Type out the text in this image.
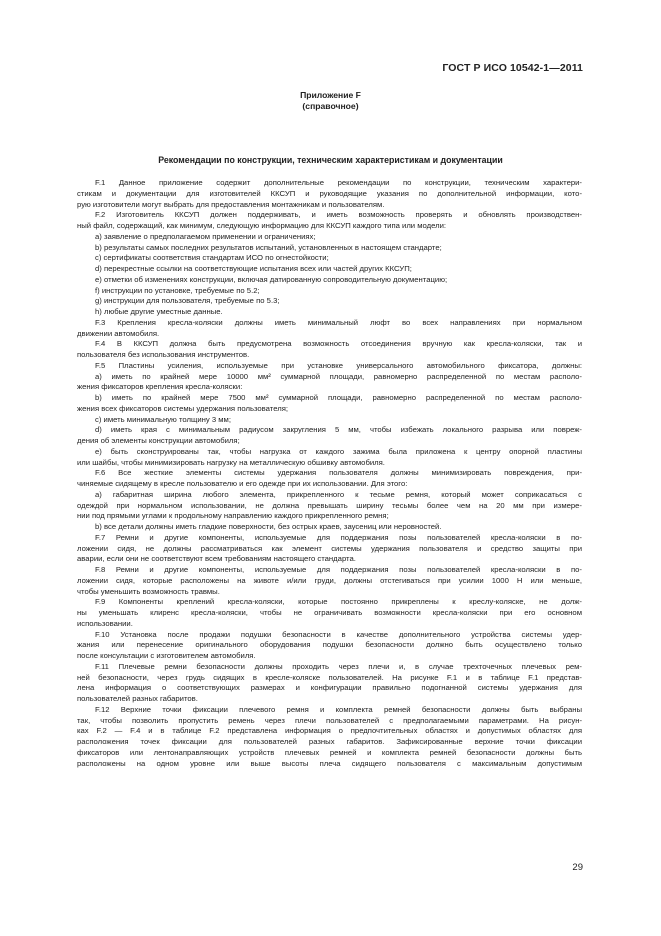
ГОСТ Р ИСО 10542-1—2011
Приложение F
(справочное)
Рекомендации по конструкции, техническим характеристикам и документации
F.1 Данное приложение содержит дополнительные рекомендации по конструкции, техническим характери-
стикам и документации для изготовителей ККСУП и руководящие указания по дополнительной информации, кото-
рую изготовители могут выбрать для предоставления монтажникам и пользователям.
F.2 Изготовитель ККСУП должен поддерживать, и иметь возможность проверять и обновлять производствен-
ный файл, содержащий, как минимум, следующую информацию для ККСУП каждого типа или модели:
a) заявление о предполагаемом применении и ограничениях;
b) результаты самых последних результатов испытаний, установленных в настоящем стандарте;
c) сертификаты соответствия стандартам ИСО по огнестойкости;
d) перекрестные ссылки на соответствующие испытания всех или частей других ККСУП;
e) отметки об изменениях конструкции, включая датированную сопроводительную документацию;
f) инструкции по установке, требуемые по 5.2;
g) инструкции для пользователя, требуемые по 5.3;
h) любые другие уместные данные.
F.3 Крепления кресла-коляски должны иметь минимальный люфт во всех направлениях при нормальном
движении автомобиля.
F.4 В ККСУП должна быть предусмотрена возможность отсоединения вручную как кресла-коляски, так и
пользователя без использования инструментов.
F.5 Пластины усиления, используемые при установке универсального автомобильного фиксатора, должны:
a) иметь по крайней мере 10000 мм² суммарной площади, равномерно распределенной по местам располо-
жения фиксаторов крепления кресла-коляски:
b) иметь по крайней мере 7500 мм² суммарной площади, равномерно распределенной по местам располо-
жения всех фиксаторов системы удержания пользователя;
c) иметь минимальную толщину 3 мм;
d) иметь края с минимальным радиусом закругления 5 мм, чтобы избежать локального разрыва или повреж-
дения об элементы конструкции автомобиля;
e) быть сконструированы так, чтобы нагрузка от каждого зажима была приложена к центру опорной пластины
или шайбы, чтобы минимизировать нагрузку на металлическую обшивку автомобиля.
F.6 Все жесткие элементы системы удержания пользователя должны минимизировать повреждения, при-
чиняемые сидящему в кресле пользователю и его одежде при их использовании. Для этого:
a) габаритная ширина любого элемента, прикрепленного к тесьме ремня, который может соприкасаться с
одеждой при нормальном использовании, не должна превышать ширину тесьмы более чем на 20 мм при измере-
нии под прямыми углами к продольному направлению каждого прикрепленного ремня;
b) все детали должны иметь гладкие поверхности, без острых краев, заусениц или неровностей.
F.7 Ремни и другие компоненты, используемые для поддержания позы пользователей кресла-коляски в по-
ложении сидя, не должны рассматриваться как элемент системы удержания пользователя и средство защиты при
аварии, если они не соответствуют всем требованиям настоящего стандарта.
F.8 Ремни и другие компоненты, используемые для поддержания позы пользователей кресла-коляски в по-
ложении сидя, которые расположены на животе и/или груди, должны отстегиваться при усилии 1000 Н или меньше,
чтобы уменьшить возможность травмы.
F.9 Компоненты креплений кресла-коляски, которые постоянно прикреплены к креслу-коляске, не долж-
ны уменьшать клиренс кресла-коляски, чтобы не ограничивать возможности кресла-коляски при его основном
использовании.
F.10 Установка после продажи подушки безопасности в качестве дополнительного устройства системы удер-
жания или перенесение оригинального оборудования подушки безопасности должно быть осуществлено только
после консультации с изготовителем автомобиля.
F.11 Плечевые ремни безопасности должны проходить через плечи и, в случае трехточечных плечевых рем-
ней безопасности, через грудь сидящих в кресле-коляске пользователей. На рисунке F.1 и в таблице F.1 представ-
лена информация о соответствующих размерах и конфигурации правильно подогнанной системы удержания для
пользователей разных габаритов.
F.12 Верхние точки фиксации плечевого ремня и комплекта ремней безопасности должны быть выбраны
так, чтобы позволить пропустить ремень через плечи пользователей с предполагаемыми параметрами. На рисун-
ках F.2 — F.4 и в таблице F.2 представлена информация о предпочтительных областях и допустимых областях для
расположения точек фиксации для пользователей разных габаритов. Зафиксированные верхние точки фиксации
фиксаторов или лентонаправляющих устройств плечевых ремней и комплекта ремней безопасности должны быть
расположены на одном уровне или выше высоты плеча сидящего пользователя с максимальным допустимым
29
